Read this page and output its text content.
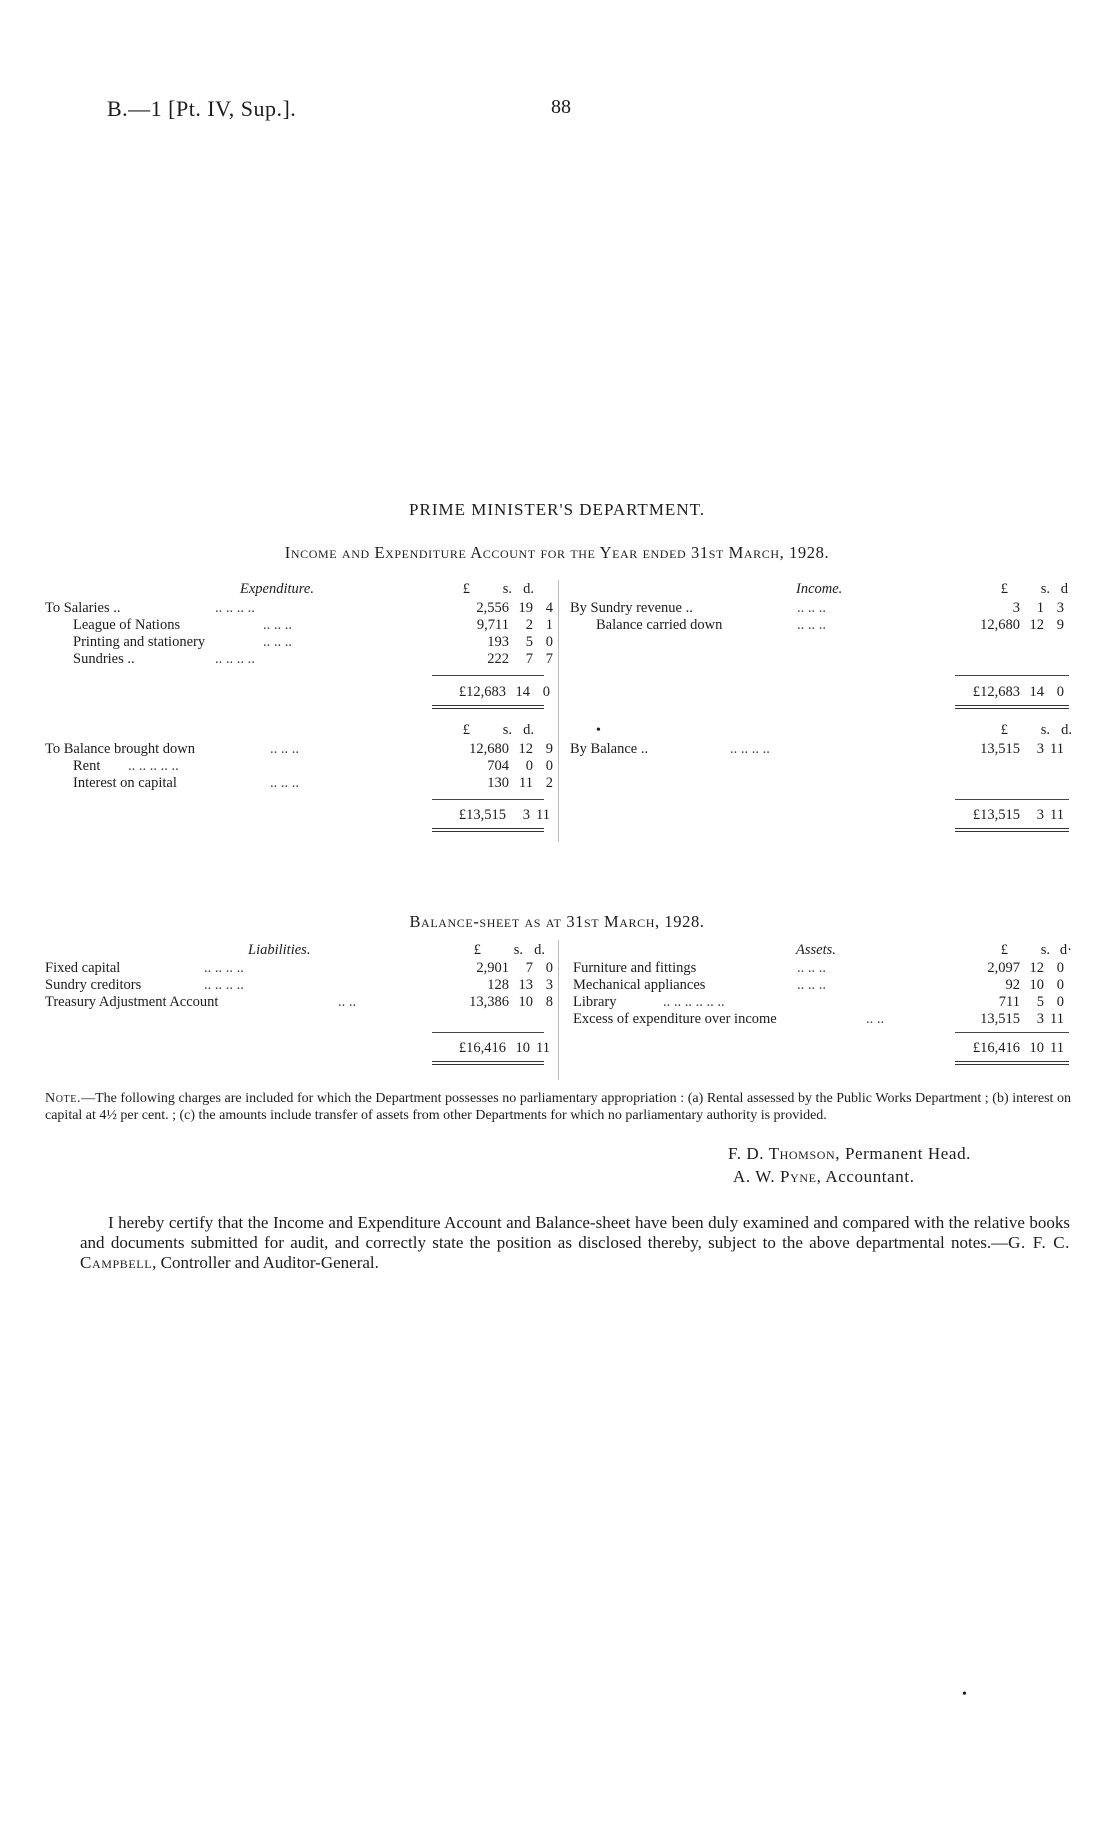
B.—1 [Pt. IV, Sup.].	88
PRIME MINISTER'S DEPARTMENT.
Income and Expenditure Account for the Year ended 31st March, 1928.
Expenditure.	£ s. d.
To Salaries ..	.. .. .. ..	2,556 19 4
League of Nations	.. .. ..	9,711 2 1
Printing and stationery	.. .. ..	193 5 0
Sundries ..	.. .. .. ..	222 7 7
£12,683 14 0
Income.	£ s. d
By Sundry revenue ..	.. .. ..	3 1 3
Balance carried down	.. .. ..	12,680 12 9
£12,683 14 0
£ s. d.	£ s. d.
•
To Balance brought down	.. .. ..	12,680 12 9
Rent .. .. .. .. ..	704 0 0
Interest on capital	.. .. ..	130 11 2
£13,515 3 11
By Balance ..	.. .. .. ..	13,515 3 11
£13,515 3 11
Balance-sheet as at 31st March, 1928.
Liabilities.	£ s. d.
Fixed capital	.. .. .. ..	2,901 7 0
Sundry creditors	.. .. .. ..	128 13 3
Treasury Adjustment Account	.. ..	13,386 10 8
£16,416 10 11
Assets.	£ s. d·
Furniture and fittings	.. .. ..	2,097 12 0
Mechanical appliances	.. .. ..	92 10 0
Library	.. .. .. .. .. ..	711 5 0
Excess of expenditure over income	.. ..	13,515 3 11
£16,416 10 11
Note.—The following charges are included for which the Department possesses no parliamentary appropriation : (a) Rental assessed by the Public Works Department ; (b) interest on capital at 4½ per cent. ; (c) the amounts include transfer of assets from other Departments for which no parliamentary authority is provided.
F. D. Thomson, Permanent Head.
A. W. Pyne, Accountant.
I hereby certify that the Income and Expenditure Account and Balance-sheet have been duly examined and compared with the relative books and documents submitted for audit, and correctly state the position as disclosed thereby, subject to the above departmental notes.—G. F. C. Campbell, Controller and Auditor-General.
•
